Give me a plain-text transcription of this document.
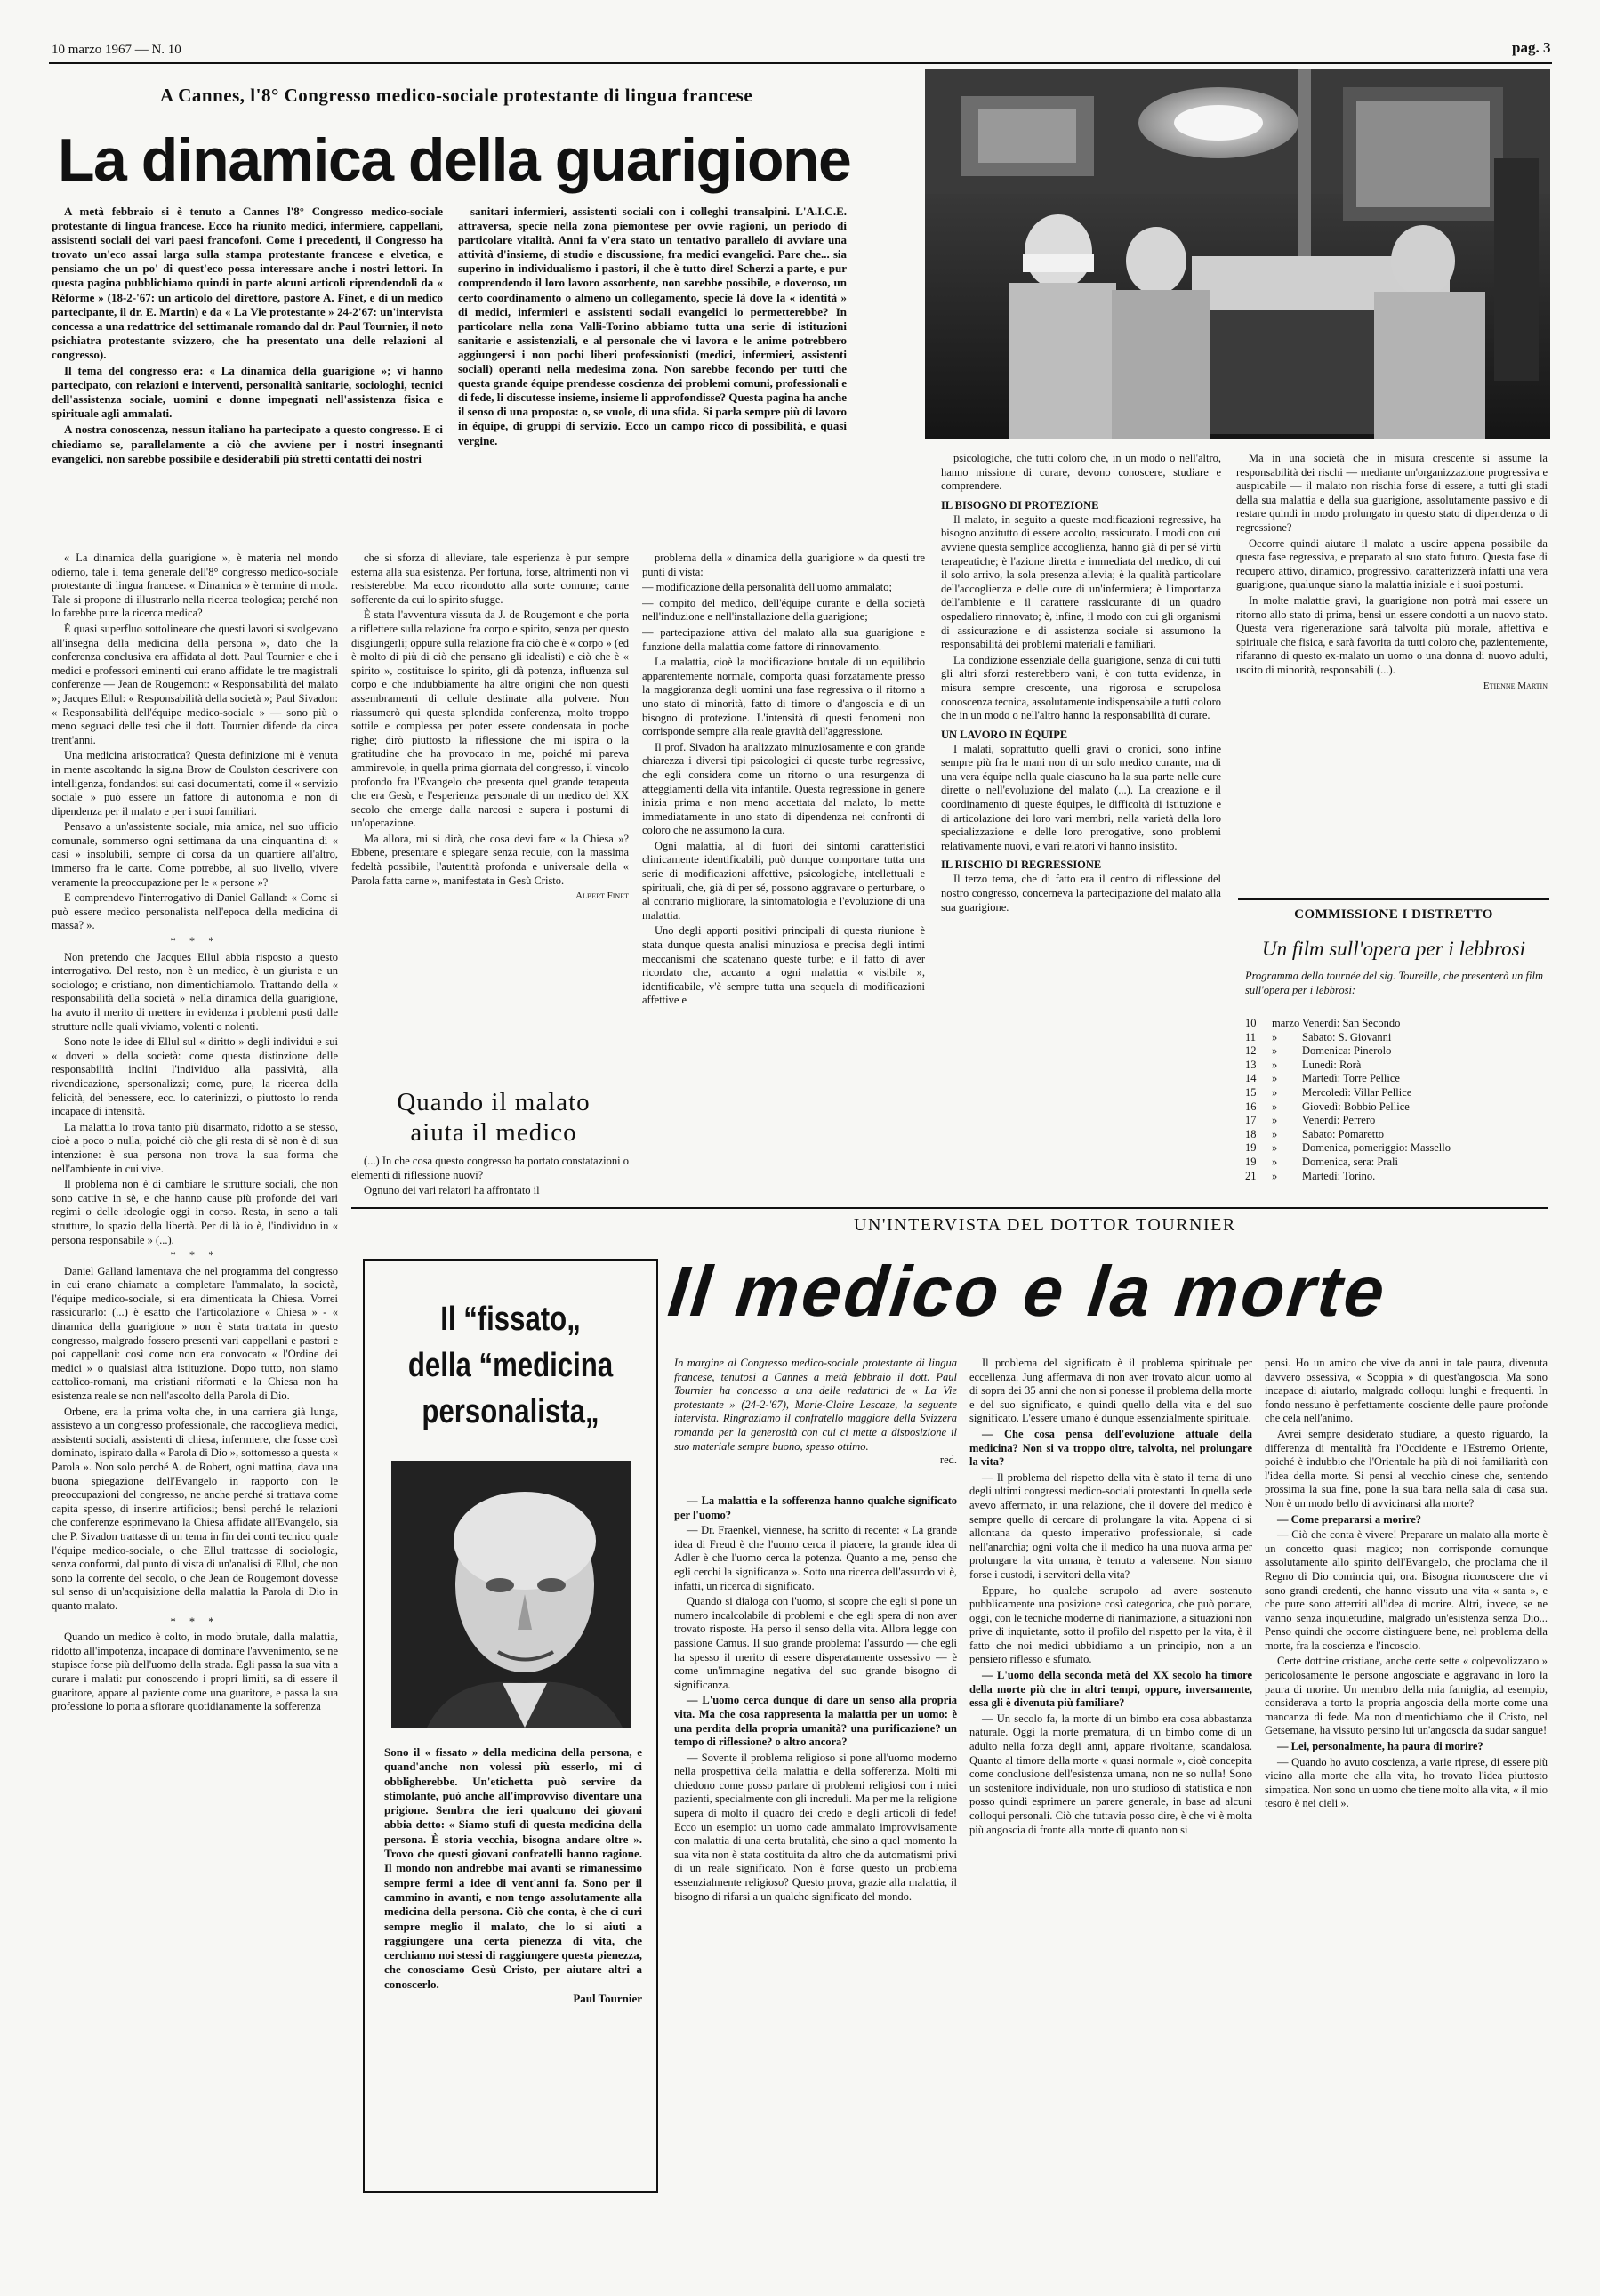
10 marzo 1967 — N. 10	pag. 3
A Cannes, l'8° Congresso medico-sociale protestante di lingua francese
La dinamica della guarigione

A metà febbraio si è tenuto a Cannes l'8° Congresso medico-sociale protestante di lingua francese. Ecco ha riunito medici, infermiere, cappellani, assistenti sociali dei vari paesi francofoni. Come i precedenti, il Congresso ha trovato un'eco assai larga sulla stampa protestante francese e elvetica, e pensiamo che un po' di quest'eco possa interessare anche i nostri lettori. In questa pagina pubblichiamo quindi in parte alcuni articoli riprendendoli da « Réforme » (18-2-'67: un articolo del direttore, pastore A. Finet, e di un medico partecipante, il dr. E. Martin) e da « La Vie protestante » 24-2'67: un'intervista concessa a una redattrice del settimanale romando dal dr. Paul Tournier, il noto psichiatra protestante svizzero, che ha presentato una delle relazioni al congresso).

Il tema del congresso era: « La dinamica della guarigione »; vi hanno partecipato, con relazioni e interventi, personalità sanitarie, sociologhi, tecnici dell'assistenza sociale, uomini e donne impegnati nell'assistenza fisica e spirituale agli ammalati.

A nostra conoscenza, nessun italiano ha partecipato a questo congresso. E ci chiediamo se, parallelamente a ciò che avviene per i nostri insegnanti evangelici, non sarebbe possibile e desiderabili più stretti contatti dei nostri

sanitari infermieri, assistenti sociali con i colleghi transalpini. L'A.I.C.E. attraversa, specie nella zona piemontese per ovvie ragioni, un periodo di particolare vitalità. Anni fa v'era stato un tentativo parallelo di avviare una attività d'insieme, di studio e discussione, fra medici evangelici. Pare che... sia superino in individualismo i pastori, il che è tutto dire! Scherzi a parte, e pur comprendendo il loro lavoro assorbente, non sarebbe possibile, e doveroso, un certo coordinamento o almeno un collegamento, specie là dove la « identità » di medici, infermieri e assistenti sociali evangelici lo permetterebbe? In particolare nella zona Valli-Torino abbiamo tutta una serie di istituzioni sanitarie e assistenziali, e al personale che vi lavora e le anime potrebbero aggiungersi i non pochi liberi professionisti (medici, infermieri, assistenti sociali) operanti nella medesima zona. Non sarebbe fecondo per tutti che questa grande équipe prendesse coscienza dei problemi comuni, professionali e di fede, li discutesse insieme, insieme li approfondisse? Questa pagina ha anche il senso di una proposta: o, se vuole, di una sfida. Si parla sempre più di lavoro in équipe, di gruppi di servizio. Ecco un campo ricco di possibilità, e quasi vergine.

« La dinamica della guarigione », è materia nel mondo odierno, tale il tema generale dell'8° congresso medico-sociale protestante di lingua francese. « Dinamica » è termine di moda. Tale si propone di illustrarlo nella ricerca teologica; perché non lo farebbe pure la ricerca medica?

È quasi superfluo sottolineare che questi lavori si svolgevano all'insegna della medicina della persona », dato che la conferenza conclusiva era affidata al dott. Paul Tournier e che i medici e professori eminenti cui erano affidate le tre magistrali conferenze — Jean de Rougemont: « Responsabilità del malato »; Jacques Ellul: « Responsabilità della società »; Paul Sivadon: « Responsabilità dell'équipe medico-sociale » — sono più o meno seguaci delle tesi che il dott. Tournier difende da circa trent'anni.

Una medicina aristocratica? Questa definizione mi è venuta in mente ascoltando la sig.na Brow de Coulston descrivere con intelligenza, fondandosi sui casi documentati, come il « servizio sociale » può essere un fattore di autonomia e non di dipendenza per il malato e per i suoi familiari.

Pensavo a un'assistente sociale, mia amica, nel suo ufficio comunale, sommerso ogni settimana da una cinquantina di « casi » insolubili, sempre di corsa da un quartiere all'altro, immerso fra le carte. Come potrebbe, al suo livello, vivere veramente la preoccupazione per le « persone »?

E comprendevo l'interrogativo di Daniel Galland: « Come si può essere medico personalista nell'epoca della medicina di massa? ».

* * *

Non pretendo che Jacques Ellul abbia risposto a questo interrogativo. Del resto, non è un medico, è un giurista e un sociologo; e cristiano, non dimentichiamolo. Trattando della « responsabilità della società » nella dinamica della guarigione, ha avuto il merito di mettere in evidenza i problemi posti dalle strutture nelle quali viviamo, volenti o nolenti.

Sono note le idee di Ellul sul « diritto » degli individui e sui « doveri » della società: come questa distinzione delle responsabilità inclini l'individuo alla passività, alla rivendicazione, spersonalizzi; come, pure, la ricerca della felicità, del benessere, ecc. lo caterinizzi, o piuttosto lo renda incapace di intensità.

La malattia lo trova tanto più disarmato, ridotto a se stesso, cioè a poco o nulla, poiché ciò che gli resta di sè non è di sua intenzione: è sua persona non trova la sua forma che nell'ambiente in cui vive.

Il problema non è di cambiare le strutture sociali, che non sono cattive in sè, e che hanno cause più profonde dei vari regimi o delle ideologie oggi in corso. Resta, in seno a tali strutture, lo spazio della libertà. Per di là io è, l'individuo in « persona responsabile » (...).

* * *

Daniel Galland lamentava che nel programma del congresso in cui erano chiamate a completare l'ammalato, la società, l'équipe medico-sociale, si era dimenticata la Chiesa. Vorrei rassicurarlo: (...) è esatto che l'articolazione « Chiesa » - « dinamica della guarigione » non è stata trattata in questo congresso, malgrado fossero presenti vari cappellani e pastori e poi cappellani: così come non era convocato « l'Ordine dei medici » o qualsiasi altra istituzione. Dopo tutto, non siamo cattolico-romani, ma cristiani riformati e la Chiesa non ha esistenza reale se non nell'ascolto della Parola di Dio.

Orbene, era la prima volta che, in una carriera già lunga, assistevo a un congresso professionale, che raccoglieva medici, assistenti sociali, assistenti di chiesa, infermiere, che fosse così dominato, ispirato dalla « Parola di Dio », sottomesso a questa « Parola ». Non solo perché A. de Robert, ogni mattina, dava una buona spiegazione dell'Evangelo in rapporto con le preoccupazioni del congresso, ne anche perché si trattava come capita spesso, di inserire artificiosi; bensì perché le relazioni che conferenze esprimevano la Chiesa affidate all'Evangelo, sia che P. Sivadon trattasse di un tema in fin dei conti tecnico quale l'équipe medico-sociale, o che Ellul trattasse di sociologia, senza conformi, dal punto di vista di un'analisi di Ellul, che non sono la corrente del secolo, o che Jean de Rougemont dovesse sul senso di un'acquisizione della malattia la Parola di Dio in quanto malato.

* * *

Quando un medico è colto, in modo brutale, dalla malattia, ridotto all'impotenza, incapace di dominare l'avvenimento, se ne stupisce forse più dell'uomo della strada. Egli passa la sua vita a curare i malati: pur conoscendo i propri limiti, sa di essere il guaritore, appare al paziente come una guaritore, e passa la sua professione lo porta a sfiorare quotidianamente la sofferenza

che si sforza di alleviare, tale esperienza è pur sempre esterna alla sua esistenza. Per fortuna, forse, altrimenti non vi resisterebbe. Ma ecco ricondotto alla sorte comune; carne sofferente da cui lo spirito sfugge.

È stata l'avventura vissuta da J. de Rougemont e che porta a riflettere sulla relazione fra corpo e spirito, senza per questo disgiungerli; oppure sulla relazione fra ciò che è « corpo » (ed è molto di più di ciò che pensano gli idealisti) e ciò che è « spirito », costituisce lo spirito, gli dà potenza, influenza sul corpo e che indubbiamente ha altre origini che non questi assembramenti di cellule destinate alla polvere. Non riassumerò qui questa splendida conferenza, molto troppo sottile e complessa per poter essere condensata in poche righe; dirò piuttosto la riflessione che mi ispira o la gratitudine che ha provocato in me, poiché mi pareva ammirevole, in quella prima giornata del congresso, il vincolo profondo fra l'Evangelo che presenta quel grande terapeuta che era Gesù, e l'esperienza personale di un medico del XX secolo che emerge dalla narcosi e supera i postumi di un'operazione.

Ma allora, mi si dirà, che cosa devi fare « la Chiesa »? Ebbene, presentare e spiegare senza requie, con la massima fedeltà possibile, l'autentità profonda e universale della « Parola fatta carne », manifestata in Gesù Cristo.

Albert Finet

Quando il malato aiuta il medico

(...) In che cosa questo congresso ha portato constatazioni o elementi di riflessione nuovi?

Ognuno dei vari relatori ha affrontato il

problema della « dinamica della guarigione » da questi tre punti di vista:

— modificazione della personalità dell'uomo ammalato;

— compito del medico, dell'équipe curante e della società nell'induzione e nell'installazione della guarigione;

— partecipazione attiva del malato alla sua guarigione e funzione della malattia come fattore di rinnovamento.

La malattia, cioè la modificazione brutale di un equilibrio apparentemente normale, comporta quasi forzatamente presso la maggioranza degli uomini una fase regressiva o il ritorno a uno stato di minorità, fatto di timore o d'angoscia e di un bisogno di protezione. L'intensità di questi fenomeni non corrisponde sempre alla reale gravità dell'aggressione.

Il prof. Sivadon ha analizzato minuziosamente e con grande chiarezza i diversi tipi psicologici di queste turbe regressive, che egli considera come un ritorno o una resurgenza di atteggiamenti della vita infantile. Questa regressione in genere inizia prima e non meno accettata dal malato, lo mette immediatamente in uno stato di dipendenza nei confronti di coloro che ne assumono la cura.

Ogni malattia, al di fuori dei sintomi caratteristici clinicamente identificabili, può dunque comportare tutta una serie di modificazioni affettive, psicologiche, intellettuali e spirituali, che, già di per sé, possono aggravare o perturbare, o al contrario migliorare, la sintomatologia e l'evoluzione di una malattia.

Uno degli apporti positivi principali di questa riunione è stata dunque questa analisi minuziosa e precisa degli intimi meccanismi che scatenano queste turbe; e il fatto di aver ricordato che, accanto a ogni malattia « visibile », identificabile, v'è sempre tutta una sequela di modificazioni affettive e

psicologiche, che tutti coloro che, in un modo o nell'altro, hanno missione di curare, devono conoscere, studiare e comprendere.

IL BISOGNO DI PROTEZIONE

Il malato, in seguito a queste modificazioni regressive, ha bisogno anzitutto di essere accolto, rassicurato. I modi con cui avviene questa semplice accoglienza, hanno già di per sé virtù terapeutiche; è l'azione diretta e immediata del medico, di cui il solo arrivo, la sola presenza allevia; è la qualità particolare dell'accoglienza e delle cure di un'infermiera; è l'importanza dell'ambiente e il carattere rassicurante di un quadro ospedaliero rinnovato; è, infine, il modo con cui gli organismi di assicurazione e di assistenza sociale si assumono la responsabilità dei problemi materiali e familiari.

La condizione essenziale della guarigione, senza di cui tutti gli altri sforzi resterebbero vani, è con tutta evidenza, in misura sempre crescente, una rigorosa e scrupolosa conoscenza tecnica, assolutamente indispensabile a tutti coloro che in un modo o nell'altro hanno la responsabilità di curare.

UN LAVORO IN ÉQUIPE

I malati, soprattutto quelli gravi o cronici, sono infine sempre più fra le mani non di un solo medico curante, ma di una vera équipe nella quale ciascuno ha la sua parte nelle cure dirette o nell'evoluzione del malato (...). La creazione e il coordinamento di queste équipes, le difficoltà di istituzione e di articolazione dei loro vari membri, nella varietà della loro specializzazione e delle loro prerogative, sono problemi relativamente nuovi, e vari relatori vi hanno insistito.

IL RISCHIO DI REGRESSIONE

Il terzo tema, che di fatto era il centro di riflessione del nostro congresso, concerneva la partecipazione del malato alla sua guarigione.

Ma in una società che in misura crescente si assume la responsabilità dei rischi — mediante un'organizzazione progressiva e auspicabile — il malato non rischia forse di essere, a tutti gli stadi della sua malattia e della sua guarigione, assolutamente passivo e di restare quindi in modo prolungato in questo stato di dipendenza o di regressione?

Occorre quindi aiutare il malato a uscire appena possibile da questa fase regressiva, e preparato al suo stato futuro. Questa fase di recupero attivo, dinamico, progressivo, caratterizzerà infatti una vera guarigione, qualunque siano la malattia iniziale e i suoi postumi.

In molte malattie gravi, la guarigione non potrà mai essere un ritorno allo stato di prima, bensì un essere condotti a un nuovo stato. Questa vera rigenerazione sarà talvolta più morale, affettiva e spirituale che fisica, e sarà favorita da tutti coloro che, pazientemente, rifaranno di questo ex-malato un uomo o una donna di nuovo adulti, uscito di minorità, responsabili (...).

Etienne Martin

COMMISSIONE I DISTRETTO
Un film sull'opera per i lebbrosi
Programma della tournée del sig. Toureille, che presenterà un film sull'opera per i lebbrosi:
10	marzo Venerdì: San Secondo
11	»	Sabato: S. Giovanni
12	»	Domenica: Pinerolo
13	»	Lunedì: Rorà
14	»	Martedì: Torre Pellice
15	»	Mercoledì: Villar Pellice
16	»	Giovedì: Bobbio Pellice
17	»	Venerdì: Perrero
18	»	Sabato: Pomaretto
19	»	Domenica, pomeriggio: Massello
19	»	Domenica, sera: Prali
21	»	Martedì: Torino.
Il “fissato„
della “medicina
personalista„
Sono il « fissato » della medicina della persona, e quand'anche non volessi più esserlo, mi ci obbligherebbe. Un'etichetta può servire da stimolante, può anche all'improvviso diventare una prigione. Sembra che ieri qualcuno dei giovani abbia detto: « Siamo stufi di questa medicina della persona. È storia vecchia, bisogna andare oltre ». Trovo che questi giovani confratelli hanno ragione. Il mondo non andrebbe mai avanti se rimanessimo sempre fermi a idee di vent'anni fa. Sono per il cammino in avanti, e non tengo assolutamente alla medicina della persona. Ciò che conta, è che ci curi sempre meglio il malato, che lo si aiuti a raggiungere una certa pienezza di vita, che cerchiamo noi stessi di raggiungere questa pienezza, che conosciamo Gesù Cristo, per aiutare altri a conoscerlo.
Paul Tournier
UN'INTERVISTA DEL DOTTOR TOURNIER
Il medico e la morte
In margine al Congresso medico-sociale protestante di lingua francese, tenutosi a Cannes a metà febbraio il dott. Paul Tournier ha concesso a una delle redattrici de « La Vie protestante » (24-2-'67), Marie-Claire Lescaze, la seguente intervista. Ringraziamo il confratello maggiore della Svizzera romanda per la generosità con cui ci mette a disposizione il suo materiale sempre buono, spesso ottimo.
red.

— La malattia e la sofferenza hanno qualche significato per l'uomo?

— Dr. Fraenkel, viennese, ha scritto di recente: « La grande idea di Freud è che l'uomo cerca il piacere, la grande idea di Adler è che l'uomo cerca la potenza. Quanto a me, penso che egli cerchi la significanza ». Sotto una ricerca dell'assurdo vi è, infatti, un ricerca di significato.

Quando si dialoga con l'uomo, si scopre che egli si pone un numero incalcolabile di problemi e che egli spera di non aver trovato risposte. Ha perso il senso della vita. Allora legge con passione Camus. Il suo grande problema: l'assurdo — che egli ha spesso il merito di essere disperatamente ossessivo — è come un'immagine negativa del suo grande bisogno di significanza.

— L'uomo cerca dunque di dare un senso alla propria vita. Ma che cosa rappresenta la malattia per un uomo: è una perdita della propria umanità? una purificazione? un tempo di riflessione? o altro ancora?

— Sovente il problema religioso si pone all'uomo moderno nella prospettiva della malattia e della sofferenza. Molti mi chiedono come posso parlare di problemi religiosi con i miei pazienti, specialmente con gli increduli. Ma per me la religione supera di molto il quadro dei credo e degli articoli di fede! Ecco un esempio: un uomo cade ammalato improvvisamente con malattia di una certa brutalità, che sino a quel momento la sua vita non è stata costituita da altro che da automatismi privi di un reale significato. Non è forse questo un problema essenzialmente religioso? Questo prova, grazie alla malattia, il bisogno di rifarsi a un qualche significato del mondo.

Il problema del significato è il problema spirituale per eccellenza. Jung affermava di non aver trovato alcun uomo al di sopra dei 35 anni che non si ponesse il problema della morte e del suo significato, e quindi quello della vita e del suo significato. L'essere umano è dunque essenzialmente spirituale.

— Che cosa pensa dell'evoluzione attuale della medicina? Non si va troppo oltre, talvolta, nel prolungare la vita?

— Il problema del rispetto della vita è stato il tema di uno degli ultimi congressi medico-sociali protestanti. In quella sede avevo affermato, in una relazione, che il dovere del medico è sempre quello di cercare di prolungare la vita. Appena ci si allontana da questo imperativo professionale, si cade nell'anarchia; ogni volta che il medico ha una nuova arma per prolungare la vita umana, è tenuto a valersene. Non siamo forse i custodi, i servitori della vita?

Eppure, ho qualche scrupolo ad avere sostenuto pubblicamente una posizione così categorica, che può portare, oggi, con le tecniche moderne di rianimazione, a situazioni non prive di inquietante, sotto il profilo del rispetto per la vita, è il fatto che noi medici ubbidiamo a un principio, non a un pensiero riflesso e sfumato.

— L'uomo della seconda metà del XX secolo ha timore della morte più che in altri tempi, oppure, inversamente, essa gli è divenuta più familiare?

— Un secolo fa, la morte di un bimbo era cosa abbastanza naturale. Oggi la morte prematura, di un bimbo come di un adulto nella forza degli anni, appare rivoltante, scandalosa. Quanto al timore della morte « quasi normale », cioè concepita come conclusione dell'esistenza umana, non ne so nulla! Sono un sostenitore individuale, non uno studioso di statistica e non posso quindi esprimere un parere generale, in base ad alcuni colloqui personali. Ciò che tuttavia posso dire, è che vi è molta più angoscia di fronte alla morte di quanto non si

pensi. Ho un amico che vive da anni in tale paura, divenuta davvero ossessiva, « Scoppia » di quest'angoscia. Ma sono incapace di aiutarlo, malgrado colloqui lunghi e frequenti. In fondo nessuno è perfettamente cosciente delle paure profonde che cela nell'animo.

Avrei sempre desiderato studiare, a questo riguardo, la differenza di mentalità fra l'Occidente e l'Estremo Oriente, poiché è indubbio che l'Orientale ha più di noi familiarità con l'idea della morte. Si pensi al vecchio cinese che, sentendo prossima la sua fine, pone la sua bara nella sala di casa sua. Non è un modo bello di avvicinarsi alla morte?

— Come prepararsi a morire?

— Ciò che conta è vivere! Preparare un malato alla morte è un concetto quasi magico; non corrisponde comunque assolutamente allo spirito dell'Evangelo, che proclama che il Regno di Dio comincia qui, ora. Bisogna riconoscere che vi sono grandi credenti, che hanno vissuto una vita « santa », e che pure sono atterriti all'idea di morire. Altri, invece, se ne vanno senza inquietudine, malgrado un'esistenza senza Dio... Penso quindi che occorre distinguere bene, nel problema della morte, fra la coscienza e l'incoscio.

Certe dottrine cristiane, anche certe sette « colpevolizzano » pericolosamente le persone angosciate e aggravano in loro la paura di morire. Un membro della mia famiglia, ad esempio, considerava a torto la propria angoscia della morte come una mancanza di fede. Ma non dimentichiamo che il Cristo, nel Getsemane, ha vissuto persino lui un'angoscia da sudar sangue!

— Lei, personalmente, ha paura di morire?

— Quando ho avuto coscienza, a varie riprese, di essere più vicino alla morte che alla vita, ho trovato l'idea piuttosto simpatica. Non sono un uomo che tiene molto alla vita, « il mio tesoro è nei cieli ».
